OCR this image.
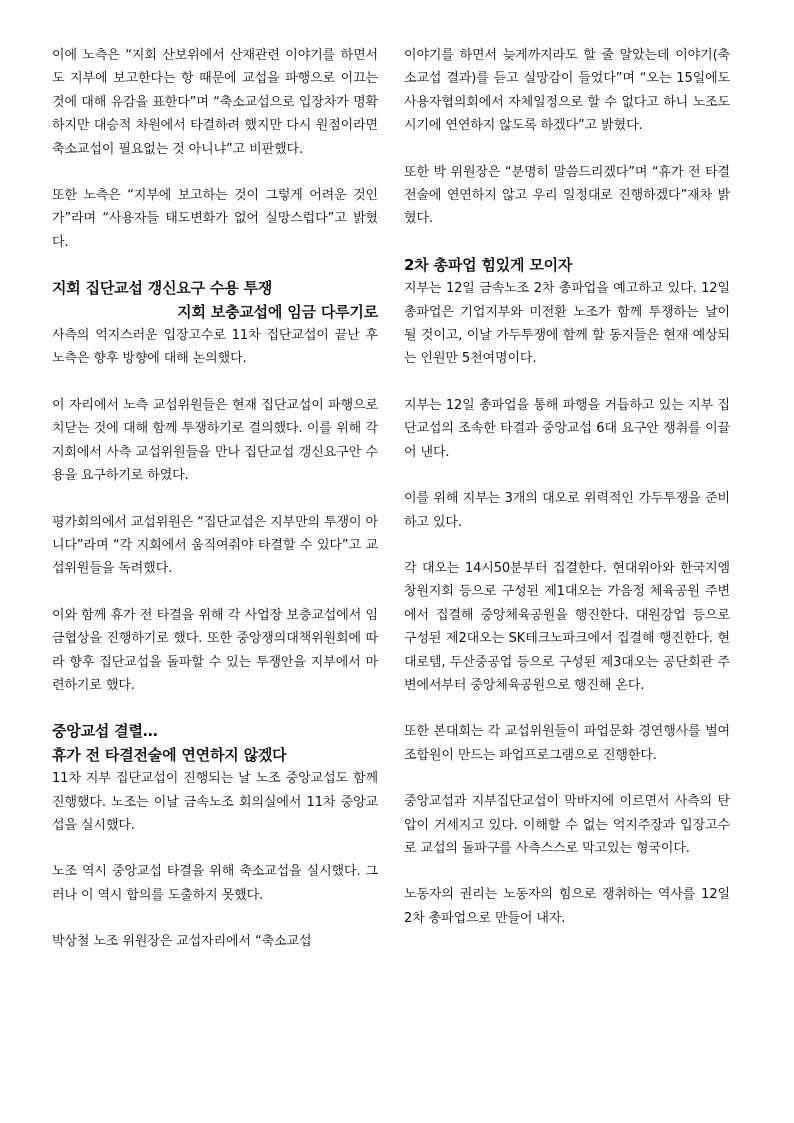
이에 노측은 “지회 산보위에서 산재관련 이야기를 하면서도 지부에 보고한다는 항 때문에 교섭을 파행으로 이끄는 것에 대해 유감을 표한다”며 “축소교섭으로 입장차가 명확하지만 대승적 차원에서 타결하려 했지만 다시 원점이라면 축소교섭이 필요없는 것 아니냐”고 비판했다.

또한 노측은 “지부에 보고하는 것이 그렇게 어려운 것인가”라며 “사용자들 태도변화가 없어 실망스럽다”고 밝혔다.

지회 집단교섭 갱신요구 수용 투쟁

지회 보충교섭에 임금 다루기로

사측의 억지스러운 입장고수로 11차 집단교섭이 끝난 후 노측은 향후 방향에 대해 논의했다.

이 자리에서 노측 교섭위원들은 현재 집단교섭이 파행으로 치닫는 것에 대해 함께 투쟁하기로 결의했다. 이를 위해 각 지회에서 사측 교섭위원들을 만나 집단교섭 갱신요구안 수용을 요구하기로 하였다.

평가회의에서 교섭위원은 “집단교섭은 지부만의 투쟁이 아니다”라며 “각 지회에서 움직여줘야 타결할 수 있다”고 교섭위원들을 독려했다.

이와 함께 휴가 전 타결을 위해 각 사업장 보충교섭에서 임금협상을 진행하기로 했다. 또한 중앙쟁의대책위원회에 따라 향후 집단교섭을 돌파할 수 있는 투쟁안을 지부에서 마련하기로 했다.

중앙교섭 결렬…

휴가 전 타결전술에 연연하지 않겠다

11차 지부 집단교섭이 진행되는 날 노조 중앙교섭도 함께 진행했다. 노조는 이날 금속노조 회의실에서 11차 중앙교섭을 실시했다.

노조 역시 중앙교섭 타결을 위해 축소교섭을 실시했다. 그러나 이 역시 합의를 도출하지 못했다.

박상철 노조 위원장은 교섭자리에서 “축소교섭

이야기를 하면서 늦게까지라도 할 줄 알았는데 이야기(축소교섭 결과)를 듣고 실망감이 들었다”며 “오는 15일에도 사용자협의회에서 자체일정으로 할 수 없다고 하니 노조도 시기에 연연하지 않도록 하겠다”고 밝혔다.

또한 박 위원장은 “분명히 말씀드리겠다”며 “휴가 전 타결전술에 연연하지 않고 우리 일정대로 진행하겠다”재차 밝혔다.

2차 총파업 힘있게 모이자

지부는 12일 금속노조 2차 총파업을 예고하고 있다. 12일 총파업은 기업지부와 미전환 노조가 함께 투쟁하는 날이 될 것이고, 이날 가두투쟁에 함께 할 동지들은 현재 예상되는 인원만 5천여명이다.

지부는 12일 총파업을 통해 파행을 거듭하고 있는 지부 집단교섭의 조속한 타결과 중앙교섭 6대 요구안 쟁취를 이끌어 낸다.

이를 위해 지부는 3개의 대오로 위력적인 가두투쟁을 준비하고 있다.

각 대오는 14시50분부터 집결한다. 현대위아와 한국지엠창원지회 등으로 구성된 제1대오는 가음정 체육공원 주변에서 집결해 중앙체육공원을 행진한다. 대원강업 등으로 구성된 제2대오는 SK테크노파크에서 집결해 행진한다. 현대로템, 두산중공업 등으로 구성된 제3대오는 공단회관 주변에서부터 중앙체육공원으로 행진해 온다.

또한 본대회는 각 교섭위원들이 파업문화 경연행사를 벌여 조합원이 만드는 파업프로그램으로 진행한다.

중앙교섭과 지부집단교섭이 막바지에 이르면서 사측의 탄압이 거세지고 있다. 이해할 수 없는 억지주장과 입장고수로 교섭의 돌파구를 사측스스로 막고있는 형국이다.

노동자의 권리는 노동자의 힘으로 쟁취하는 역사를 12일 2차 총파업으로 만들어 내자.
